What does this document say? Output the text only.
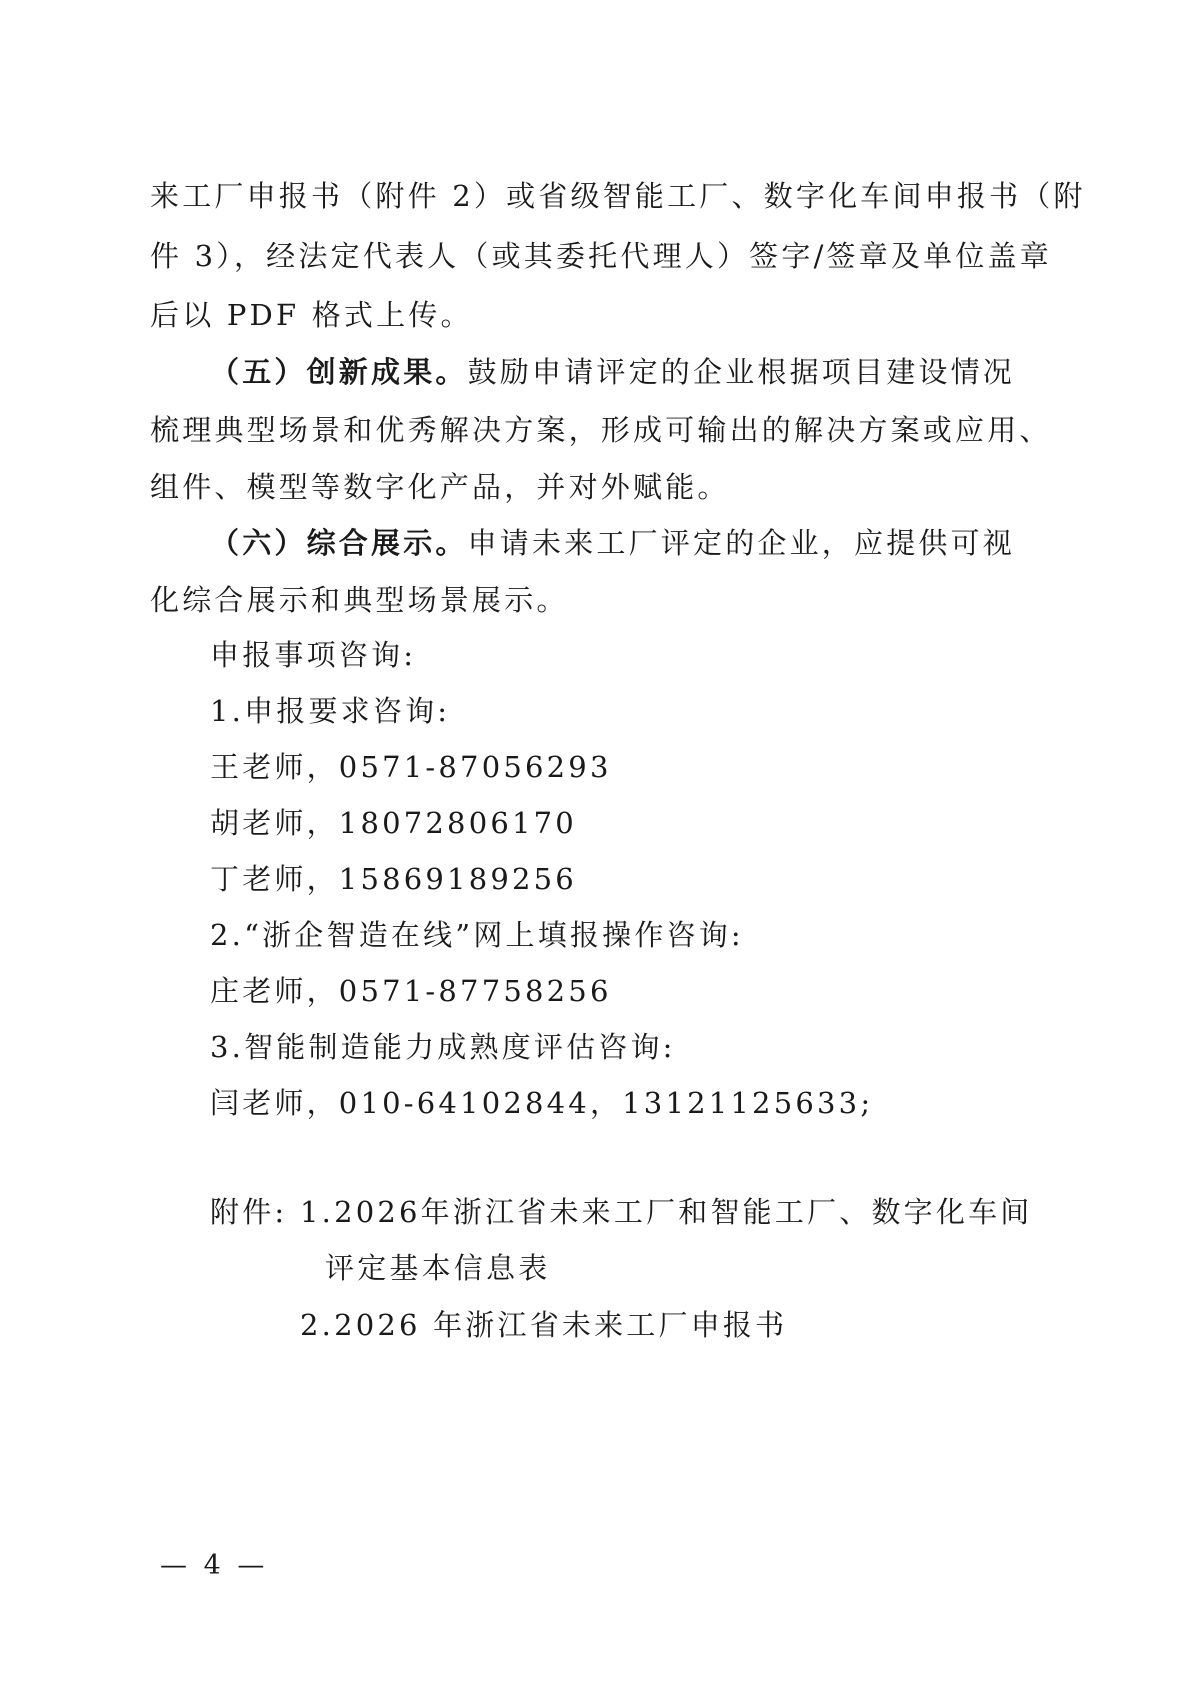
来工厂申报书（附件 2）或省级智能工厂、数字化车间申报书（附
件 3），经法定代表人（或其委托代理人）签字/签章及单位盖章
后以 PDF 格式上传。
（五）创新成果。鼓励申请评定的企业根据项目建设情况
梳理典型场景和优秀解决方案，形成可输出的解决方案或应用、
组件、模型等数字化产品，并对外赋能。
（六）综合展示。申请未来工厂评定的企业，应提供可视
化综合展示和典型场景展示。
申报事项咨询:
1.申报要求咨询:
王老师，0571-87056293
胡老师，18072806170
丁老师，15869189256
2.“浙企智造在线”网上填报操作咨询:
庄老师，0571-87758256
3.智能制造能力成熟度评估咨询:
闫老师，010-64102844，13121125633;
附件: 1.2026年浙江省未来工厂和智能工厂、数字化车间
评定基本信息表
2.2026 年浙江省未来工厂申报书
— 4 —
